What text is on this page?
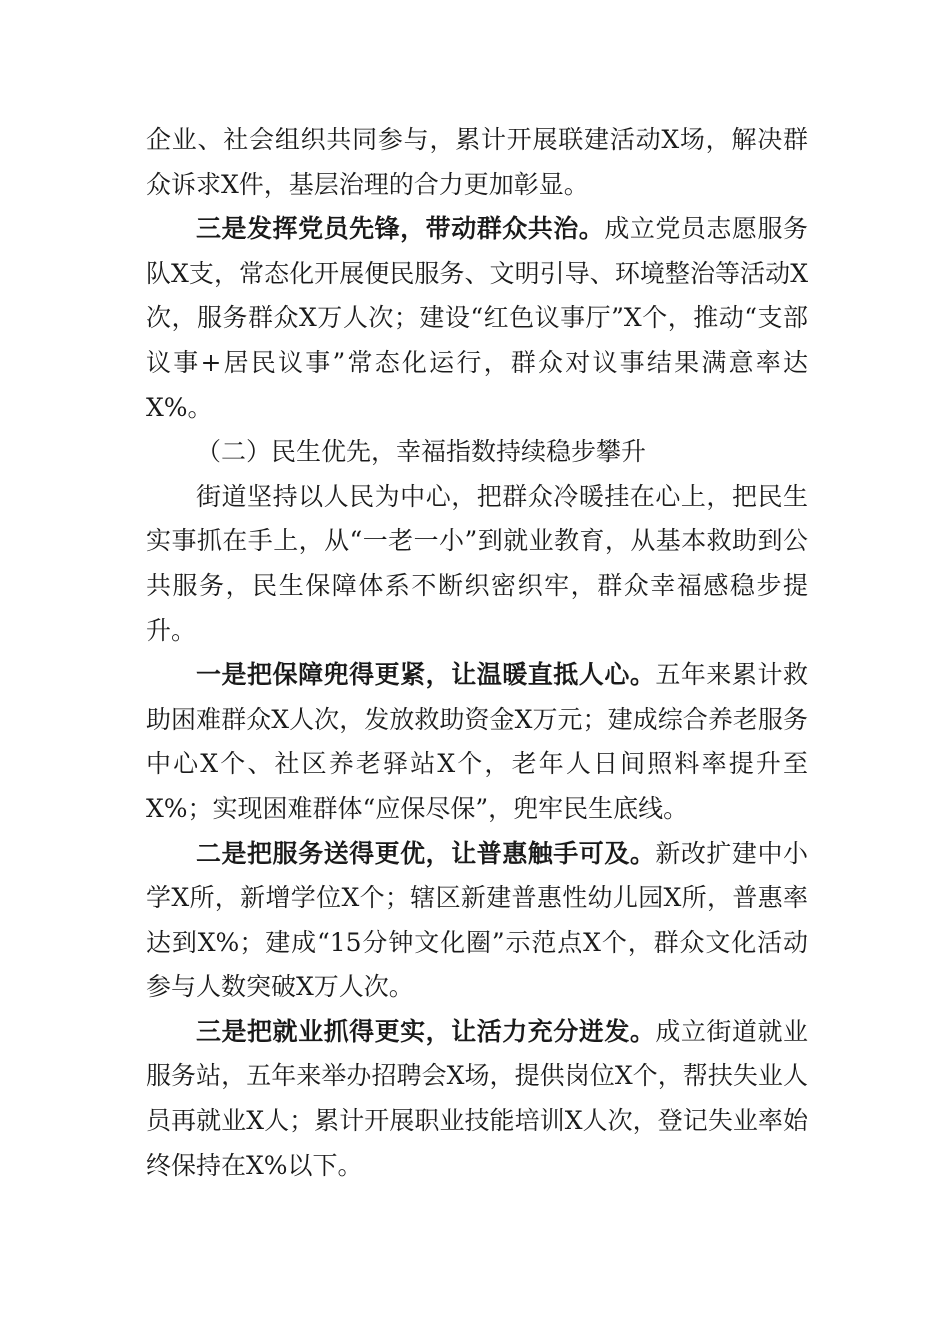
企业、社会组织共同参与，累计开展联建活动X场，解决群众诉求X件，基层治理的合力更加彰显。

三是发挥党员先锋，带动群众共治。成立党员志愿服务队X支，常态化开展便民服务、文明引导、环境整治等活动X次，服务群众X万人次；建设“红色议事厅”X个，推动“支部议事+居民议事”常态化运行，群众对议事结果满意率达X%。

（二）民生优先，幸福指数持续稳步攀升

街道坚持以人民为中心，把群众冷暖挂在心上，把民生实事抓在手上，从“一老一小”到就业教育，从基本救助到公共服务，民生保障体系不断织密织牢，群众幸福感稳步提升。

一是把保障兜得更紧，让温暖直抵人心。五年来累计救助困难群众X人次，发放救助资金X万元；建成综合养老服务中心X个、社区养老驿站X个，老年人日间照料率提升至X%；实现困难群体“应保尽保”，兜牢民生底线。

二是把服务送得更优，让普惠触手可及。新改扩建中小学X所，新增学位X个；辖区新建普惠性幼儿园X所，普惠率达到X%；建成“15分钟文化圈”示范点X个，群众文化活动参与人数突破X万人次。

三是把就业抓得更实，让活力充分迸发。成立街道就业服务站，五年来举办招聘会X场，提供岗位X个，帮扶失业人员再就业X人；累计开展职业技能培训X人次，登记失业率始终保持在X%以下。
